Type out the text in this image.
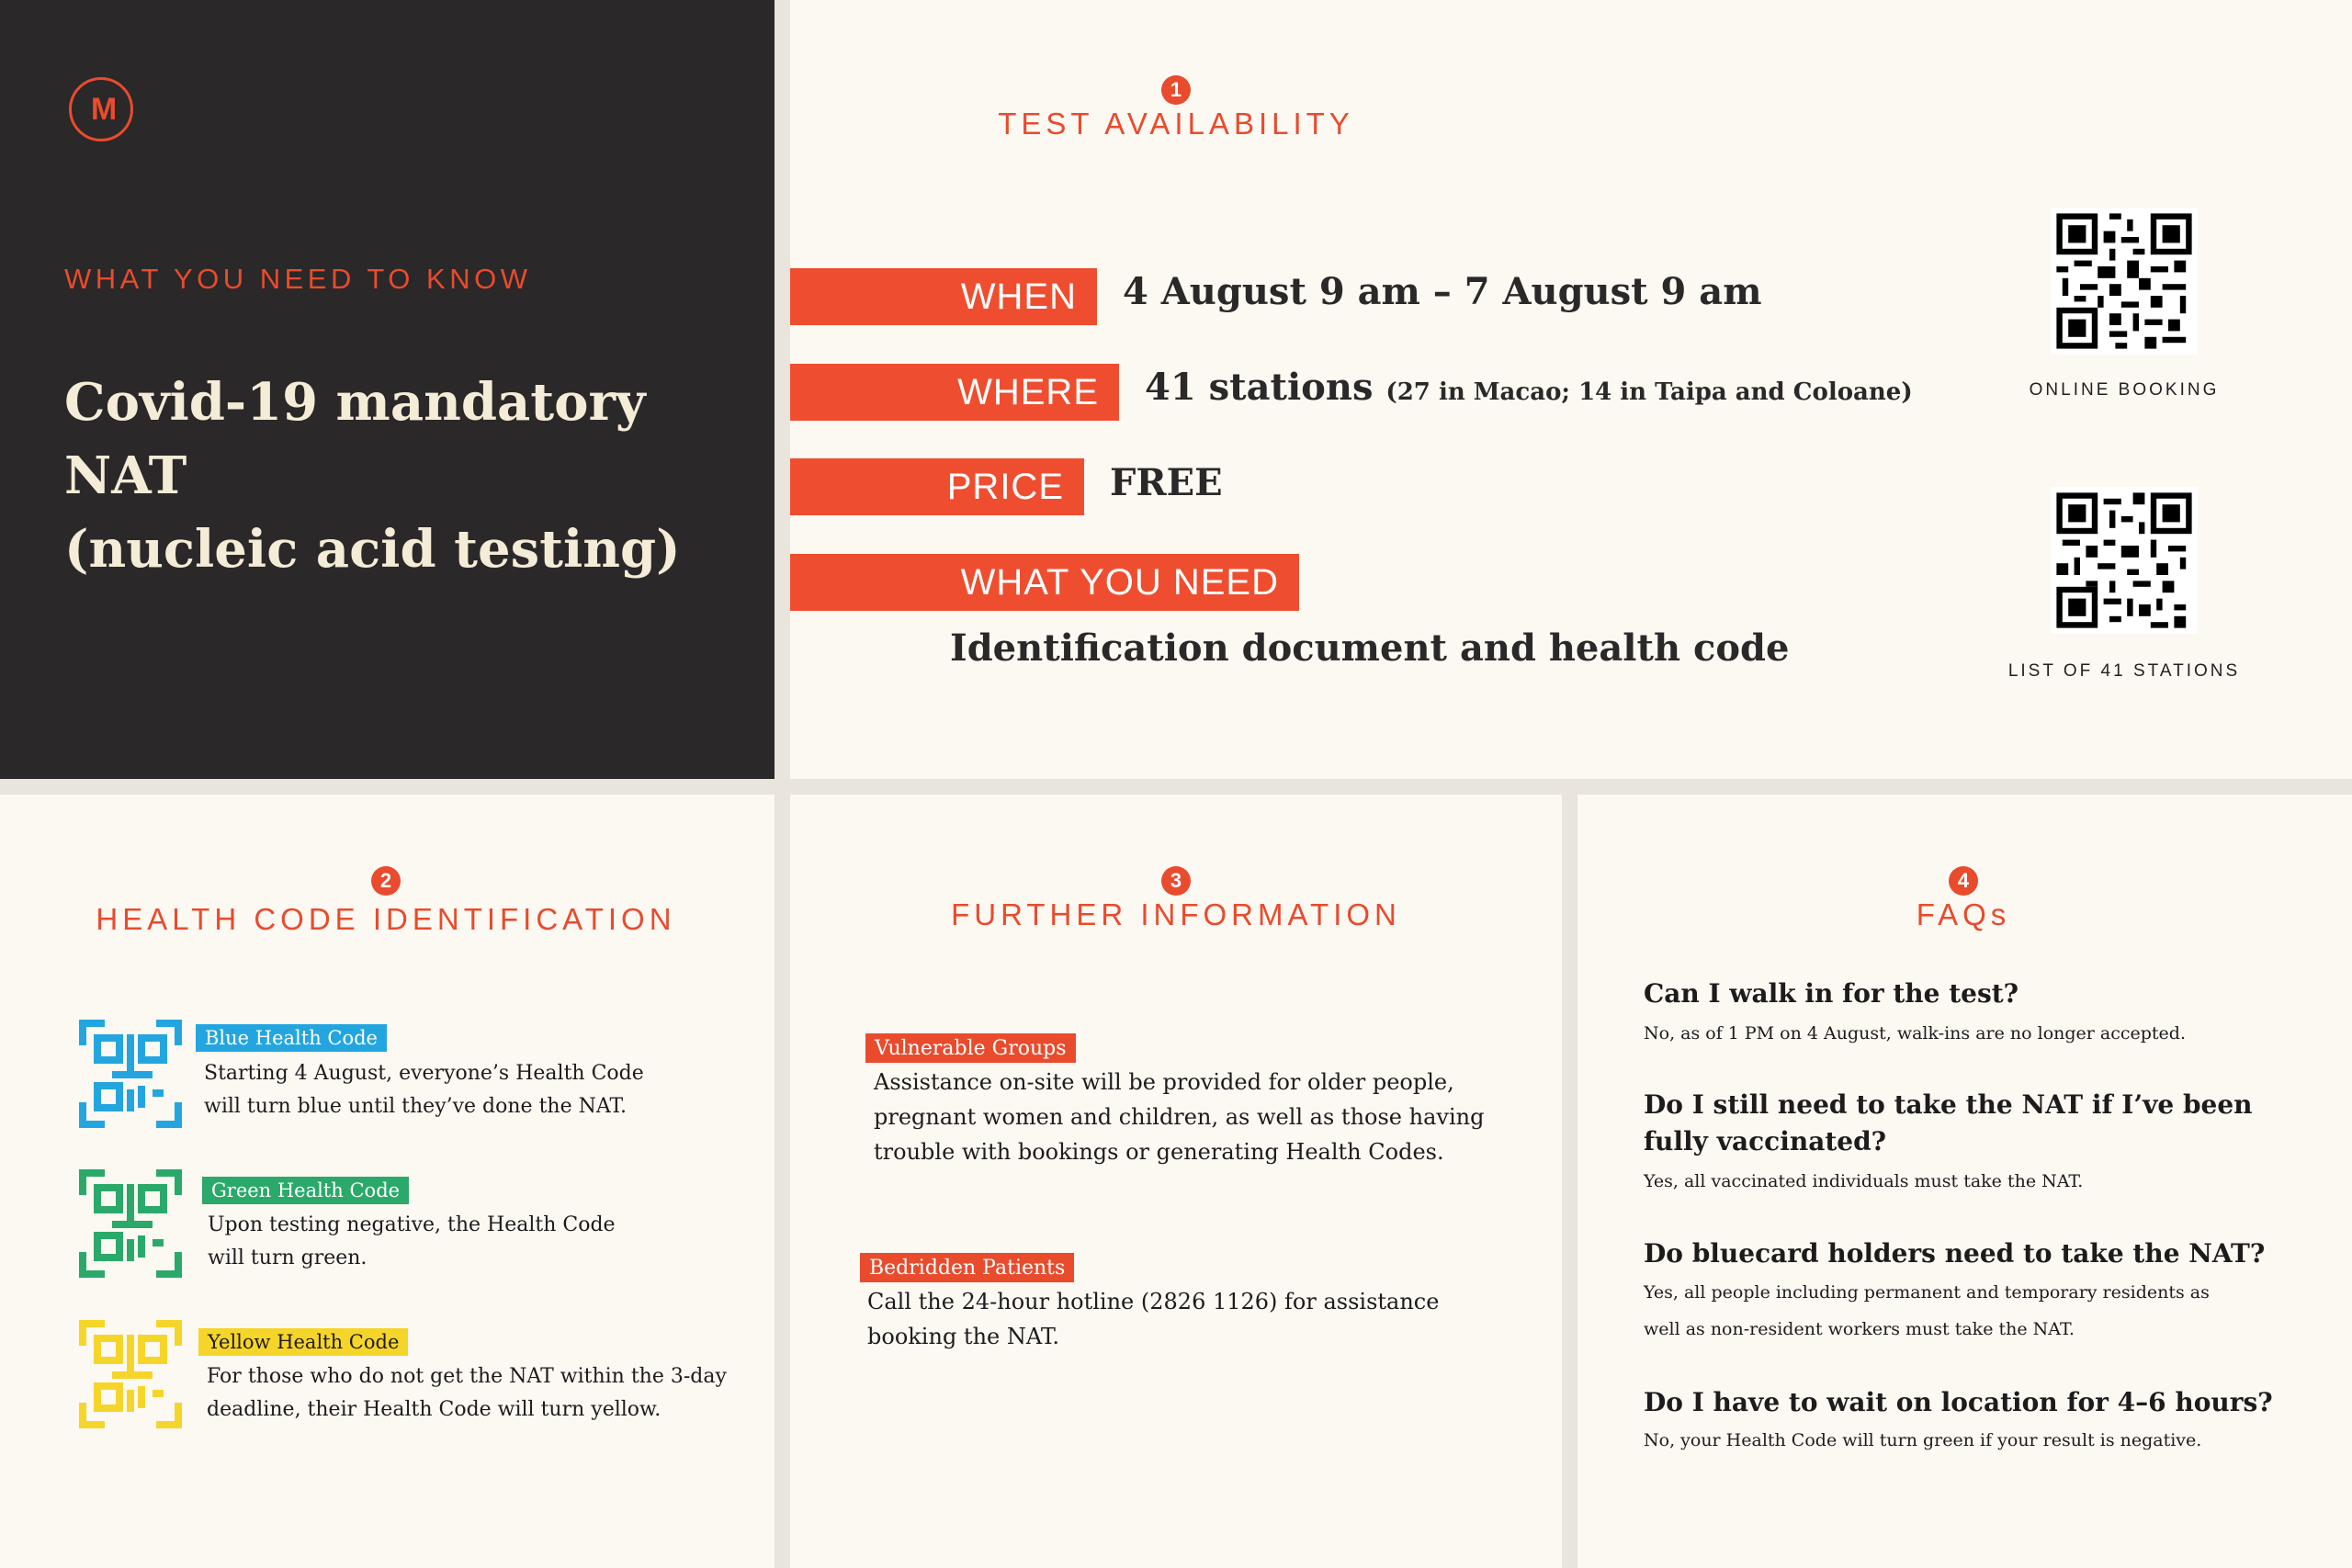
M
WHAT YOU NEED TO KNOW
Covid-19 mandatory NAT
(nucleic acid testing)
1
TEST AVAILABILITY
WHEN	4 August 9 am – 7 August 9 am
WHERE	41 stations (27 in Macao; 14 in Taipa and Coloane)
PRICE	FREE
WHAT YOU NEED
Identification document and health code
ONLINE BOOKING
LIST OF 41 STATIONS
2
HEALTH CODE IDENTIFICATION
Blue Health Code
Starting 4 August, everyone’s Health Code
will turn blue until they’ve done the NAT.
Green Health Code
Upon testing negative, the Health Code
will turn green.
Yellow Health Code
For those who do not get the NAT within the 3-day
deadline, their Health Code will turn yellow.
3
FURTHER INFORMATION
Vulnerable Groups
Assistance on-site will be provided for older people,
pregnant women and children, as well as those having
trouble with bookings or generating Health Codes.
Bedridden Patients
Call the 24-hour hotline (2826 1126) for assistance
booking the NAT.
4
FAQs
Can I walk in for the test?
No, as of 1 PM on 4 August, walk-ins are no longer accepted.
Do I still need to take the NAT if I’ve been
fully vaccinated?
Yes, all vaccinated individuals must take the NAT.
Do bluecard holders need to take the NAT?
Yes, all people including permanent and temporary residents as
well as non-resident workers must take the NAT.
Do I have to wait on location for 4–6 hours?
No, your Health Code will turn green if your result is negative.
